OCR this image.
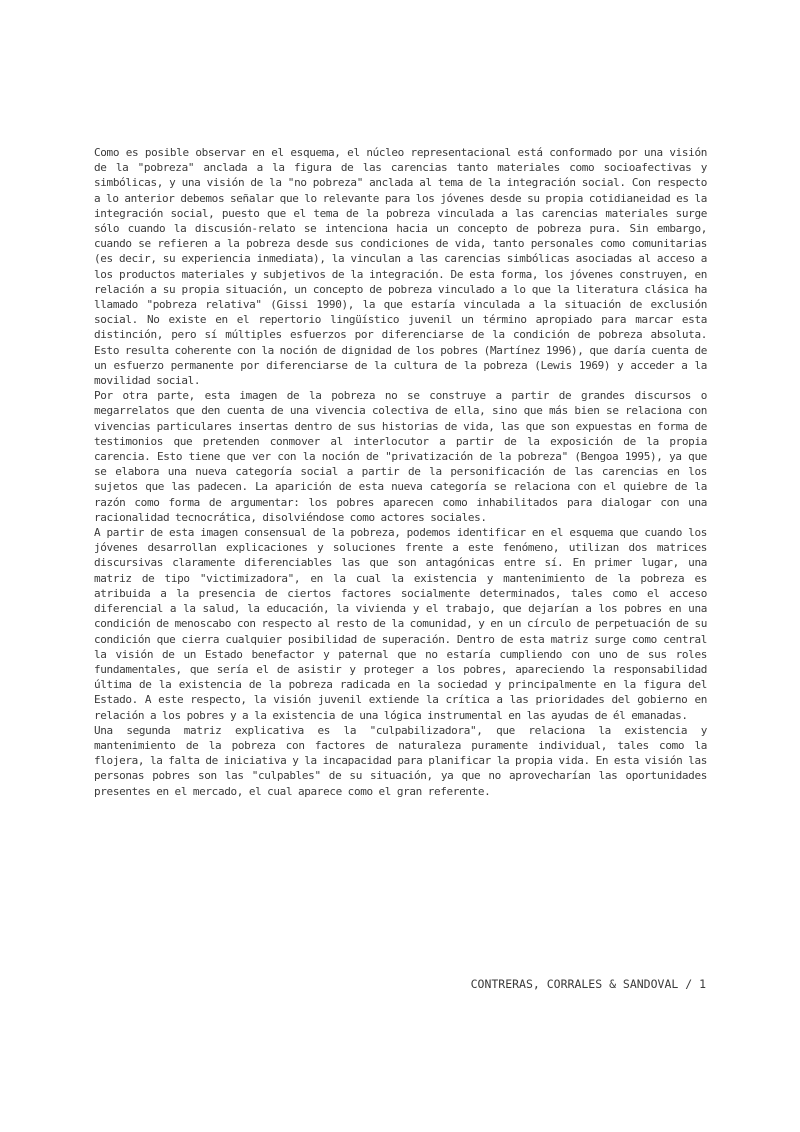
Como es posible observar en el esquema, el núcleo representacional está conformado por una visión de la "pobreza" anclada a la figura de las carencias tanto materiales como socioafectivas y simbólicas, y una visión de la "no pobreza" anclada al tema de la integración social. Con respecto a lo anterior debemos señalar que lo relevante para los jóvenes desde su propia cotidianeidad es la integración social, puesto que el tema de la pobreza vinculada a las carencias materiales surge sólo cuando la discusión-relato se intenciona hacia un concepto de pobreza pura. Sin embargo, cuando se refieren a la pobreza desde sus condiciones de vida, tanto personales como comunitarias (es decir, su experiencia inmediata), la vinculan a las carencias simbólicas asociadas al acceso a los productos materiales y subjetivos de la integración. De esta forma, los jóvenes construyen, en relación a su propia situación, un concepto de pobreza vinculado a lo que la literatura clásica ha llamado "pobreza relativa" (Gissi 1990), la que estaría vinculada a la situación de exclusión social. No existe en el repertorio lingüístico juvenil un término apropiado para marcar esta distinción, pero sí múltiples esfuerzos por diferenciarse de la condición de pobreza absoluta. Esto resulta coherente con la noción de dignidad de los pobres (Martínez 1996), que daría cuenta de un esfuerzo permanente por diferenciarse de la cultura de la pobreza (Lewis 1969) y acceder a la movilidad social.

Por otra parte, esta imagen de la pobreza no se construye a partir de grandes discursos o megarrelatos que den cuenta de una vivencia colectiva de ella, sino que más bien se relaciona con vivencias particulares insertas dentro de sus historias de vida, las que son expuestas en forma de testimonios que pretenden conmover al interlocutor a partir de la exposición de la propia carencia. Esto tiene que ver con la noción de "privatización de la pobreza" (Bengoa 1995), ya que se elabora una nueva categoría social a partir de la personificación de las carencias en los sujetos que las padecen. La aparición de esta nueva categoría se relaciona con el quiebre de la razón como forma de argumentar: los pobres aparecen como inhabilitados para dialogar con una racionalidad tecnocrática, disolviéndose como actores sociales.

A partir de esta imagen consensual de la pobreza, podemos identificar en el esquema que cuando los jóvenes desarrollan explicaciones y soluciones frente a este fenómeno, utilizan dos matrices discursivas claramente diferenciables las que son antagónicas entre sí. En primer lugar, una matriz de tipo "victimizadora", en la cual la existencia y mantenimiento de la pobreza es atribuida a la presencia de ciertos factores socialmente determinados, tales como el acceso diferencial a la salud, la educación, la vivienda y el trabajo, que dejarían a los pobres en una condición de menoscabo con respecto al resto de la comunidad, y en un círculo de perpetuación de su condición que cierra cualquier posibilidad de superación. Dentro de esta matriz surge como central la visión de un Estado benefactor y paternal que no estaría cumpliendo con uno de sus roles fundamentales, que sería el de asistir y proteger a los pobres, apareciendo la responsabilidad última de la existencia de la pobreza radicada en la sociedad y principalmente en la figura del Estado. A este respecto, la visión juvenil extiende la crítica a las prioridades del gobierno en relación a los pobres y a la existencia de una lógica instrumental en las ayudas de él emanadas.

Una segunda matriz explicativa es la "culpabilizadora", que relaciona la existencia y mantenimiento de la pobreza con factores de naturaleza puramente individual, tales como la flojera, la falta de iniciativa y la incapacidad para planificar la propia vida. En esta visión las personas pobres son las "culpables" de su situación, ya que no aprovecharían las oportunidades presentes en el mercado, el cual aparece como el gran referente.

CONTRERAS, CORRALES & SANDOVAL / 1
